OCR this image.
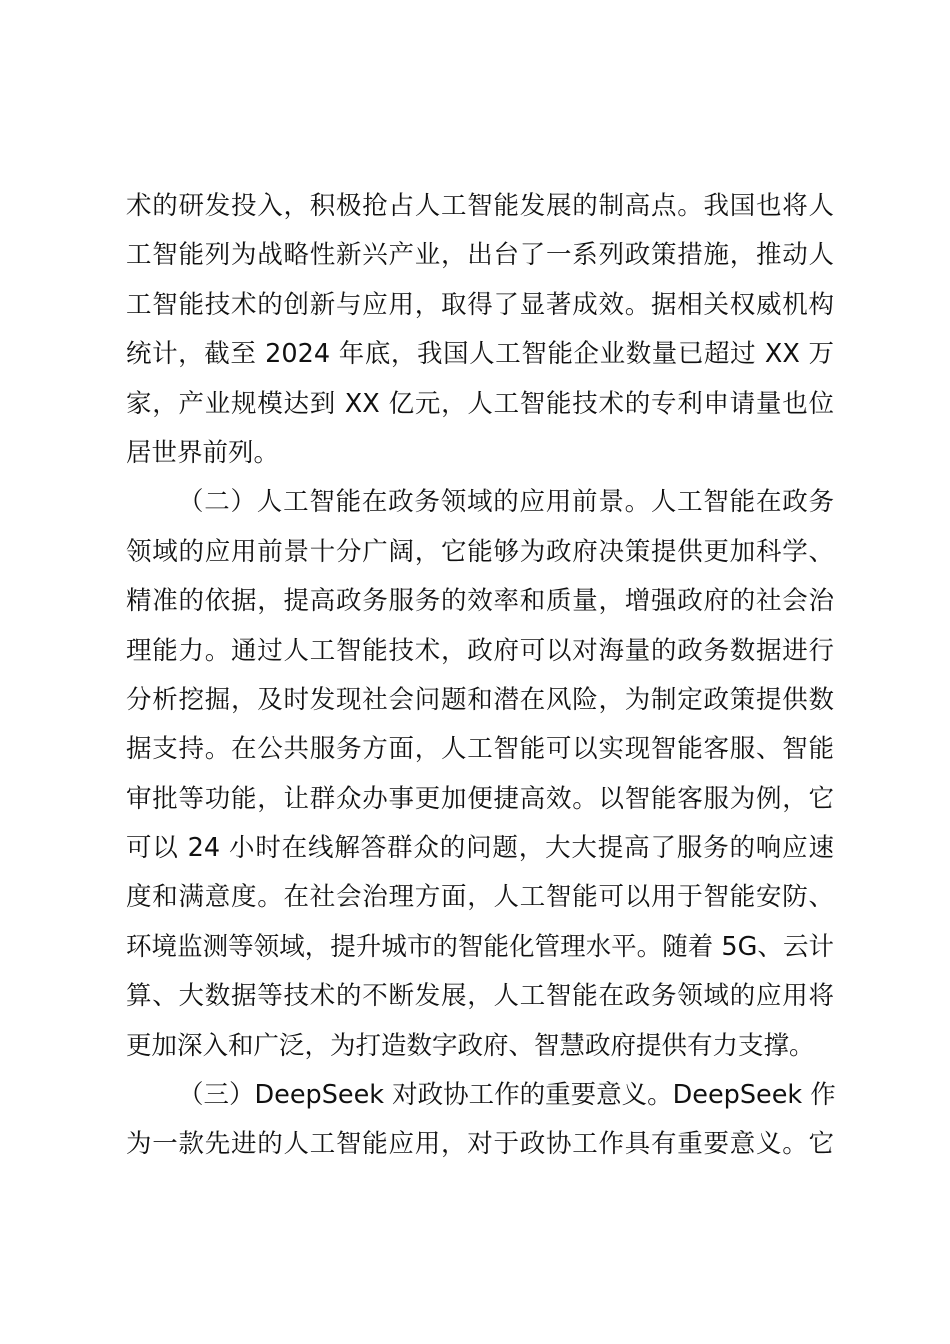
术的研发投入，积极抢占人工智能发展的制高点。我国也将人
工智能列为战略性新兴产业，出台了一系列政策措施，推动人
工智能技术的创新与应用，取得了显著成效。据相关权威机构
统计，截至 2024 年底，我国人工智能企业数量已超过 XX 万
家，产业规模达到 XX 亿元，人工智能技术的专利申请量也位
居世界前列。
（二）人工智能在政务领域的应用前景。人工智能在政务
领域的应用前景十分广阔，它能够为政府决策提供更加科学、
精准的依据，提高政务服务的效率和质量，增强政府的社会治
理能力。通过人工智能技术，政府可以对海量的政务数据进行
分析挖掘，及时发现社会问题和潜在风险，为制定政策提供数
据支持。在公共服务方面，人工智能可以实现智能客服、智能
审批等功能，让群众办事更加便捷高效。以智能客服为例，它
可以 24 小时在线解答群众的问题，大大提高了服务的响应速
度和满意度。在社会治理方面，人工智能可以用于智能安防、
环境监测等领域，提升城市的智能化管理水平。随着 5G、云计
算、大数据等技术的不断发展，人工智能在政务领域的应用将
更加深入和广泛，为打造数字政府、智慧政府提供有力支撑。
（三）DeepSeek 对政协工作的重要意义。DeepSeek 作
为一款先进的人工智能应用，对于政协工作具有重要意义。它
